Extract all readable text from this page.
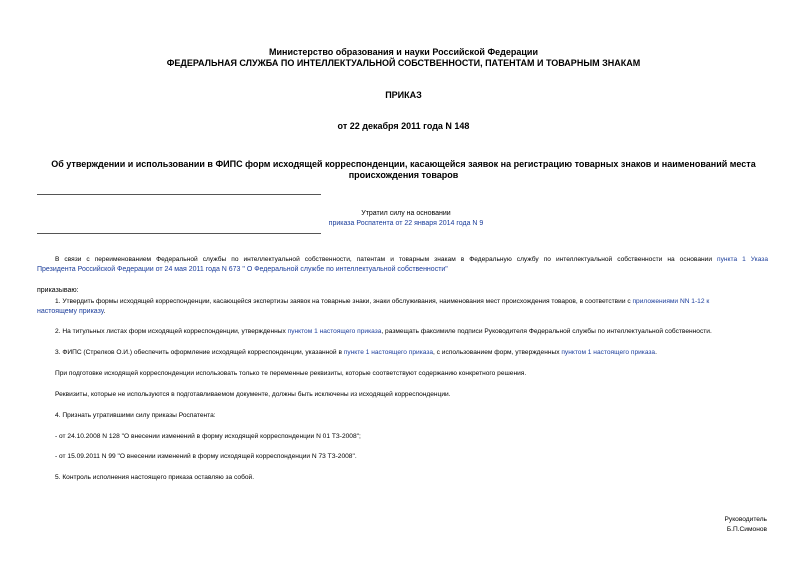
Министерство образования и науки Российской Федерации
ФЕДЕРАЛЬНАЯ СЛУЖБА ПО ИНТЕЛЛЕКТУАЛЬНОЙ СОБСТВЕННОСТИ, ПАТЕНТАМ И ТОВАРНЫМ ЗНАКАМ
ПРИКАЗ
от 22 декабря 2011 года N 148
Об утверждении и использовании в ФИПС форм исходящей корреспонденции, касающейся заявок на регистрацию товарных знаков и наименований места
происхождения товаров
Утратил силу на основании
приказа Роспатента от 22 января 2014 года N 9
В связи с переименованием Федеральной службы по интеллектуальной собственности, патентам и товарным знакам в Федеральную службу по интеллектуальной собственности на основании пункта 1 Указа
Президента Российской Федерации от 24 мая 2011 года N 673 " О Федеральной службе по интеллектуальной собственности"
приказываю:
1. Утвердить формы исходящей корреспонденции, касающейся экспертизы заявок на товарные знаки, знаки обслуживания, наименования мест происхождения товаров, в соответствии с приложениями NN 1-12 к
настоящему приказу.
2. На титульных листах форм исходящей корреспонденции, утвержденных пунктом 1 настоящего приказа, размещать факсимиле подписи Руководителя Федеральной службы по интеллектуальной собственности.
3. ФИПС (Стрелков О.И.) обеспечить оформление исходящей корреспонденции, указанной в пункте 1 настоящего приказа, с использованием форм, утвержденных пунктом 1 настоящего приказа.
При подготовке исходящей корреспонденции использовать только те переменные реквизиты, которые соответствуют содержанию конкретного решения.
Реквизиты, которые не используются в подготавливаемом документе, должны быть исключены из исходящей корреспонденции.
4. Признать утратившими силу приказы Роспатента:
- от 24.10.2008 N 128 "О внесении изменений в форму исходящей корреспонденции N 01 ТЗ-2008";
- от 15.09.2011 N 99 "О внесении изменений в форму исходящей корреспонденции N 73 ТЗ-2008".
5. Контроль исполнения настоящего приказа оставляю за собой.
Руководитель
Б.П.Симонов
